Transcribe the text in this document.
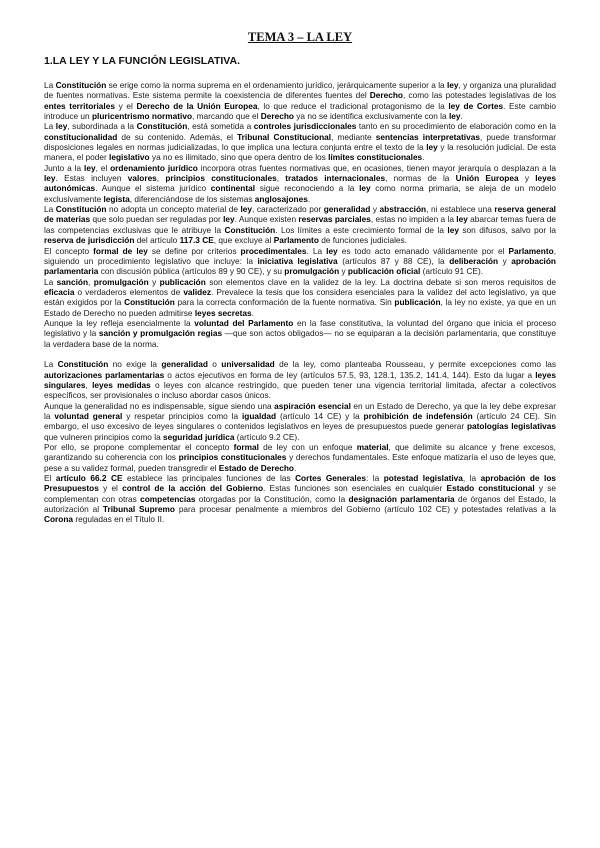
TEMA 3 – LA LEY
1.LA LEY Y LA FUNCIÓN LEGISLATIVA.

La Constitución se erige como la norma suprema en el ordenamiento jurídico, jerárquicamente superior a la ley, y organiza una pluralidad de fuentes normativas. Este sistema permite la coexistencia de diferentes fuentes del Derecho, como las potestades legislativas de los entes territoriales y el Derecho de la Unión Europea, lo que reduce el tradicional protagonismo de la ley de Cortes. Este cambio introduce un pluricentrismo normativo, marcando que el Derecho ya no se identifica exclusivamente con la ley.

La ley, subordinada a la Constitución, está sometida a controles jurisdiccionales tanto en su procedimiento de elaboración como en la constitucionalidad de su contenido. Además, el Tribunal Constitucional, mediante sentencias interpretativas, puede transformar disposiciones legales en normas judicializadas, lo que implica una lectura conjunta entre el texto de la ley y la resolución judicial. De esta manera, el poder legislativo ya no es ilimitado, sino que opera dentro de los límites constitucionales.

Junto a la ley, el ordenamiento jurídico incorpora otras fuentes normativas que, en ocasiones, tienen mayor jerarquía o desplazan a la ley. Estas incluyen valores, principios constitucionales, tratados internacionales, normas de la Unión Europea y leyes autonómicas. Aunque el sistema jurídico continental sigue reconociendo a la ley como norma primaria, se aleja de un modelo exclusivamente legista, diferenciándose de los sistemas anglosajones.

La Constitución no adopta un concepto material de ley, caracterizado por generalidad y abstracción, ni establece una reserva general de materias que solo puedan ser reguladas por ley. Aunque existen reservas parciales, estas no impiden a la ley abarcar temas fuera de las competencias exclusivas que le atribuye la Constitución. Los límites a este crecimiento formal de la ley son difusos, salvo por la reserva de jurisdicción del artículo 117.3 CE, que excluye al Parlamento de funciones judiciales.

El concepto formal de ley se define por criterios procedimentales. La ley es todo acto emanado válidamente por el Parlamento, siguiendo un procedimiento legislativo que incluye: la iniciativa legislativa (artículos 87 y 88 CE), la deliberación y aprobación parlamentaria con discusión pública (artículos 89 y 90 CE), y su promulgación y publicación oficial (artículo 91 CE).

La sanción, promulgación y publicación son elementos clave en la validez de la ley. La doctrina debate si son meros requisitos de eficacia o verdaderos elementos de validez. Prevalece la tesis que los considera esenciales para la validez del acto legislativo, ya que están exigidos por la Constitución para la correcta conformación de la fuente normativa. Sin publicación, la ley no existe, ya que en un Estado de Derecho no pueden admitirse leyes secretas.

Aunque la ley refleja esencialmente la voluntad del Parlamento en la fase constitutiva, la voluntad del órgano que inicia el proceso legislativo y la sanción y promulgación regias —que son actos obligados— no se equiparan a la decisión parlamentaria, que constituye la verdadera base de la norma.

La Constitución no exige la generalidad o universalidad de la ley, como planteaba Rousseau, y permite excepciones como las autorizaciones parlamentarias o actos ejecutivos en forma de ley (artículos 57.5, 93, 128.1, 135.2, 141.4, 144). Esto da lugar a leyes singulares, leyes medidas o leyes con alcance restringido, que pueden tener una vigencia territorial limitada, afectar a colectivos específicos, ser provisionales o incluso abordar casos únicos.

Aunque la generalidad no es indispensable, sigue siendo una aspiración esencial en un Estado de Derecho, ya que la ley debe expresar la voluntad general y respetar principios como la igualdad (artículo 14 CE) y la prohibición de indefensión (artículo 24 CE). Sin embargo, el uso excesivo de leyes singulares o contenidos legislativos en leyes de presupuestos puede generar patologías legislativas que vulneren principios como la seguridad jurídica (artículo 9.2 CE).

Por ello, se propone complementar el concepto formal de ley con un enfoque material, que delimite su alcance y frene excesos, garantizando su coherencia con los principios constitucionales y derechos fundamentales. Este enfoque matizaría el uso de leyes que, pese a su validez formal, pueden transgredir el Estado de Derecho.

El artículo 66.2 CE establece las principales funciones de las Cortes Generales: la potestad legislativa, la aprobación de los Presupuestos y el control de la acción del Gobierno. Estas funciones son esenciales en cualquier Estado constitucional y se complementan con otras competencias otorgadas por la Constitución, como la designación parlamentaria de órganos del Estado, la autorización al Tribunal Supremo para procesar penalmente a miembros del Gobierno (artículo 102 CE) y potestades relativas a la Corona reguladas en el Título II.
